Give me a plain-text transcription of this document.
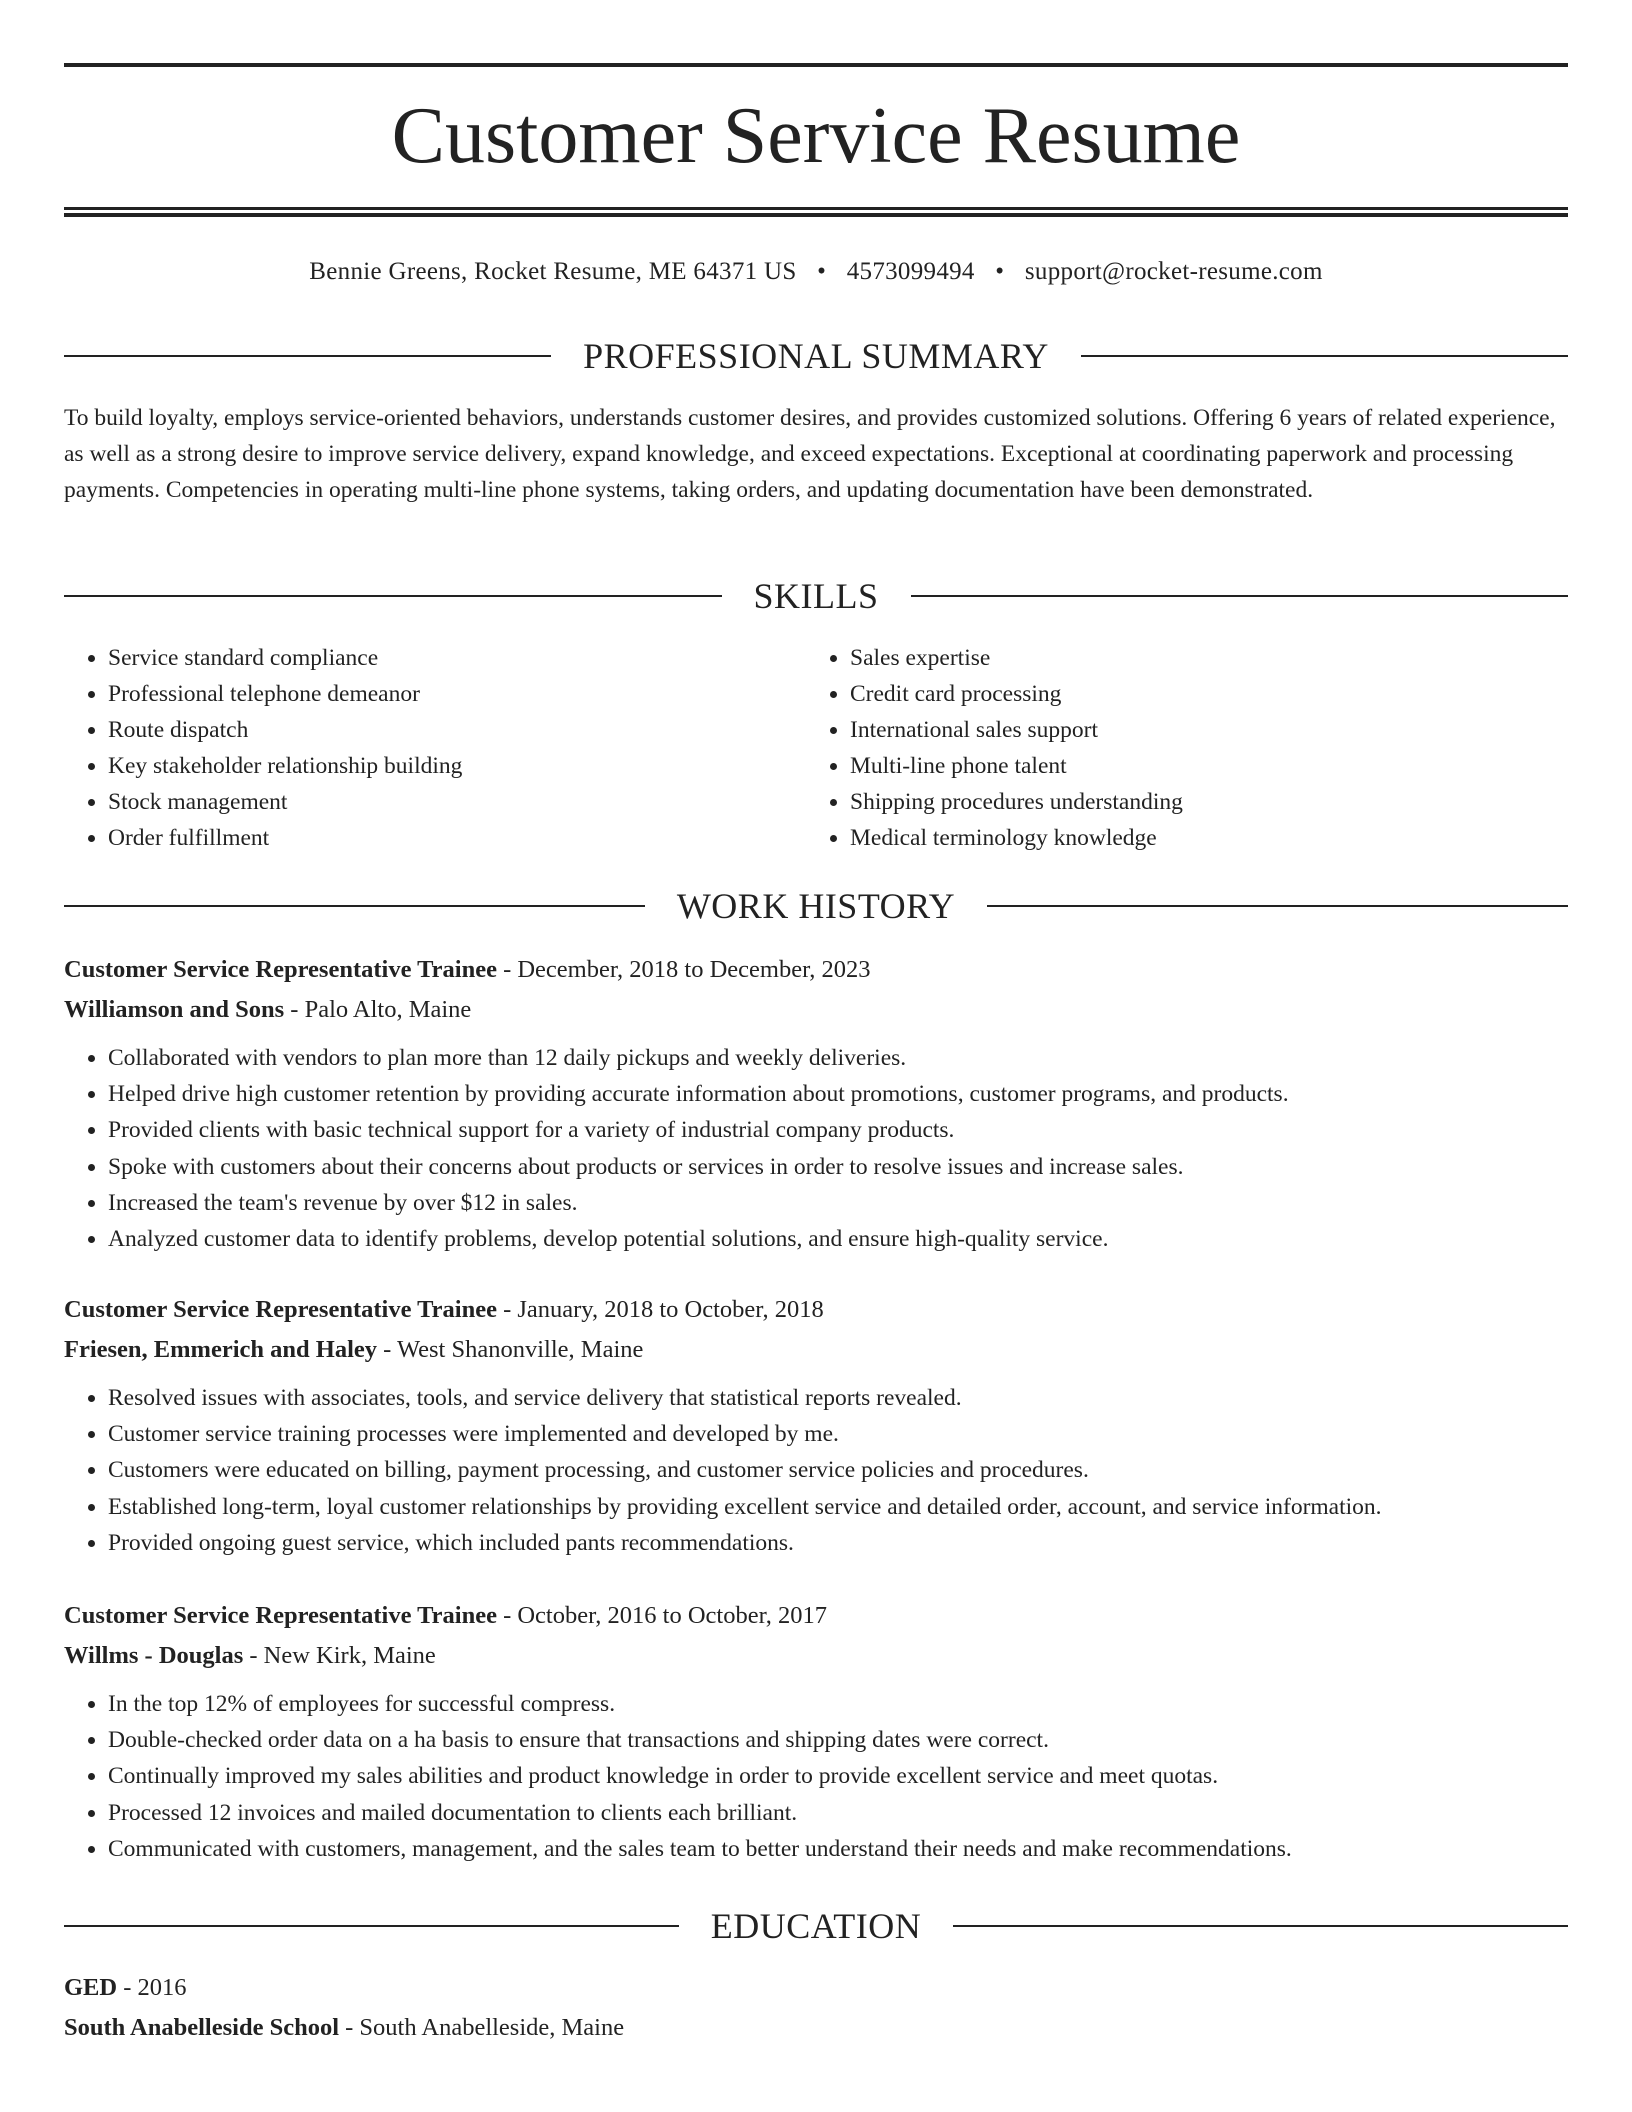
Customer Service Resume
Bennie Greens, Rocket Resume, ME 64371 US • 4573099494 • support@rocket-resume.com
PROFESSIONAL SUMMARY

To build loyalty, employs service-oriented behaviors, understands customer desires, and provides customized solutions. Offering 6 years of related experience, as well as a strong desire to improve service delivery, expand knowledge, and exceed expectations. Exceptional at coordinating paperwork and processing payments. Competencies in operating multi-line phone systems, taking orders, and updating documentation have been demonstrated.

SKILLS
• Service standard compliance
• Professional telephone demeanor
• Route dispatch
• Key stakeholder relationship building
• Stock management
• Order fulfillment
• Sales expertise
• Credit card processing
• International sales support
• Multi-line phone talent
• Shipping procedures understanding
• Medical terminology knowledge
WORK HISTORY
Customer Service Representative Trainee - December, 2018 to December, 2023
Williamson and Sons - Palo Alto, Maine
• Collaborated with vendors to plan more than 12 daily pickups and weekly deliveries.
• Helped drive high customer retention by providing accurate information about promotions, customer programs, and products.
• Provided clients with basic technical support for a variety of industrial company products.
• Spoke with customers about their concerns about products or services in order to resolve issues and increase sales.
• Increased the team's revenue by over $12 in sales.
• Analyzed customer data to identify problems, develop potential solutions, and ensure high-quality service.
Customer Service Representative Trainee - January, 2018 to October, 2018
Friesen, Emmerich and Haley - West Shanonville, Maine
• Resolved issues with associates, tools, and service delivery that statistical reports revealed.
• Customer service training processes were implemented and developed by me.
• Customers were educated on billing, payment processing, and customer service policies and procedures.
• Established long-term, loyal customer relationships by providing excellent service and detailed order, account, and service information.
• Provided ongoing guest service, which included pants recommendations.
Customer Service Representative Trainee - October, 2016 to October, 2017
Willms - Douglas - New Kirk, Maine
• In the top 12% of employees for successful compress.
• Double-checked order data on a ha basis to ensure that transactions and shipping dates were correct.
• Continually improved my sales abilities and product knowledge in order to provide excellent service and meet quotas.
• Processed 12 invoices and mailed documentation to clients each brilliant.
• Communicated with customers, management, and the sales team to better understand their needs and make recommendations.
EDUCATION
GED - 2016
South Anabelleside School - South Anabelleside, Maine
